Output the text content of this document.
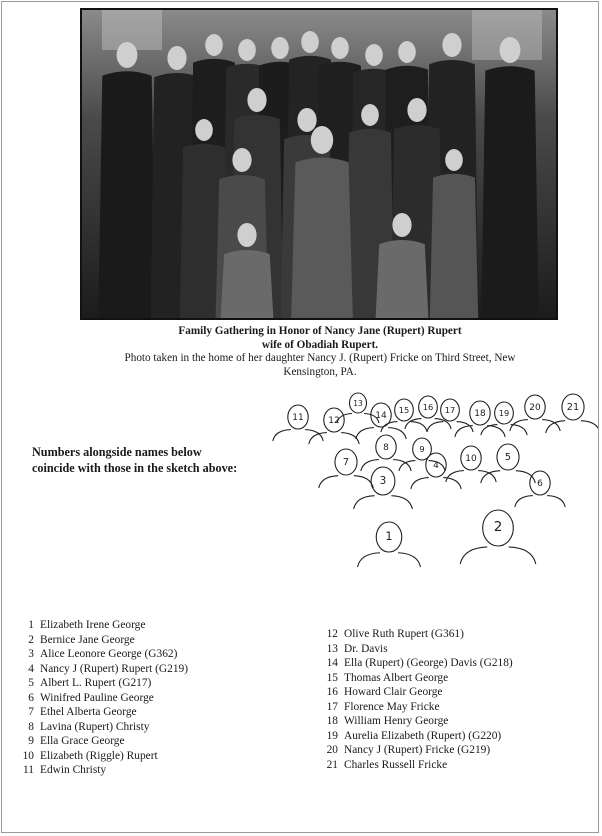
Family Gathering in Honor of Nancy Jane (Rupert) Rupert
wife of Obadiah Rupert.
Photo taken in the home of her daughter Nancy J. (Rupert) Fricke on Third Street, New
Kensington, PA.
Numbers alongside names below
coincide with those in the sketch above:
11	12
13
14
15 16 17 18 19 20	21
7
8	9
4
10	5
6
3
1
2
1 Elizabeth Irene George
2 Bernice Jane George
3 Alice Leonore George (G362)
4 Nancy J (Rupert) Rupert (G219)
5 Albert L. Rupert (G217)
6 Winifred Pauline George
7 Ethel Alberta George
8 Lavina (Rupert) Christy
9 Ella Grace George
10 Elizabeth (Riggle) Rupert
11 Edwin Christy
12 Olive Ruth Rupert (G361)
13 Dr. Davis
14 Ella (Rupert) (George) Davis (G218)
15 Thomas Albert George
16 Howard Clair George
17 Florence May Fricke
18 William Henry George
19 Aurelia Elizabeth (Rupert) (G220)
20 Nancy J (Rupert) Fricke (G219)
21 Charles Russell Fricke
